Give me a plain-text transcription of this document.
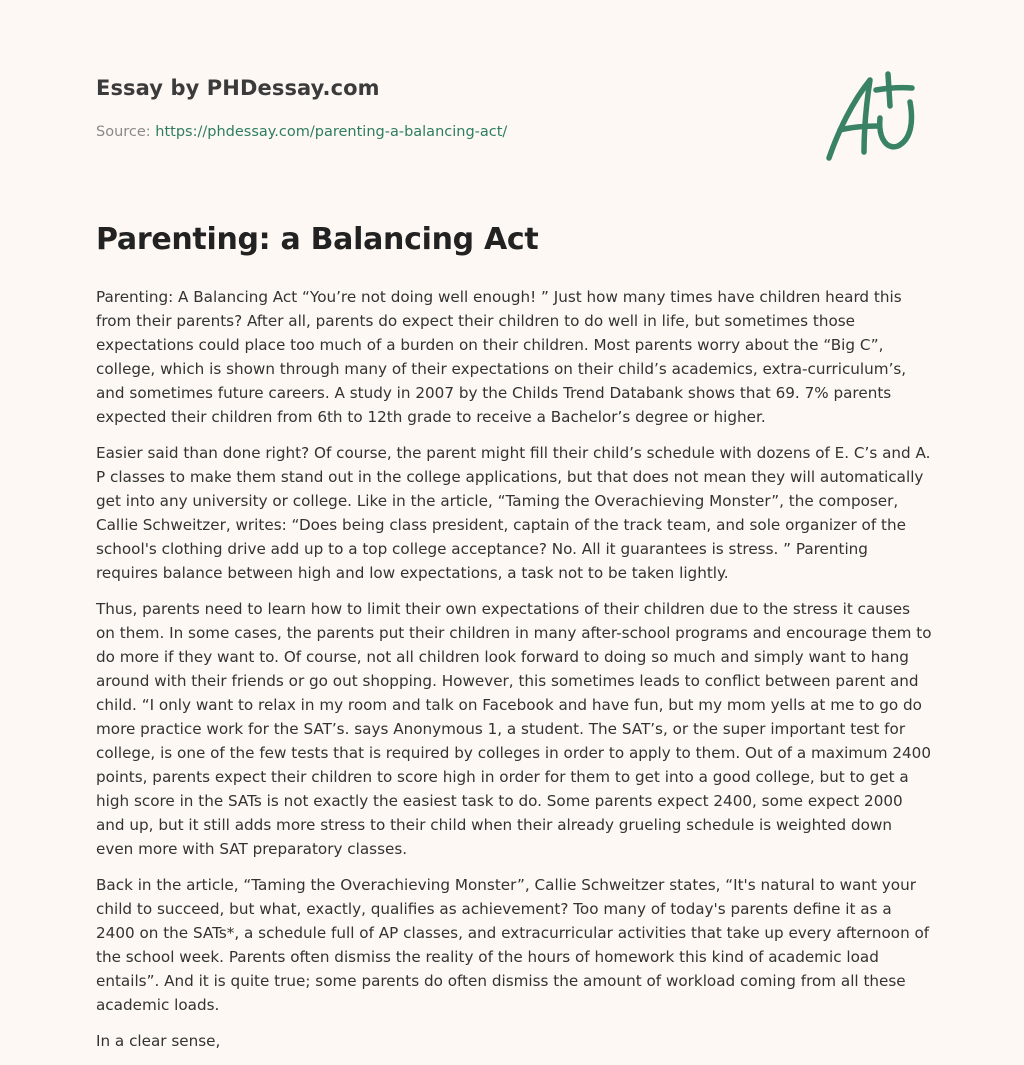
Essay by PHDessay.com
Source: https://phdessay.com/parenting-a-balancing-act/
Parenting: a Balancing Act

Parenting: A Balancing Act “You’re not doing well enough! ” Just how many times have children heard this from their parents? After all, parents do expect their children to do well in life, but sometimes those expectations could place too much of a burden on their children. Most parents worry about the “Big C”, college, which is shown through many of their expectations on their child’s academics, extra-curriculum’s, and sometimes future careers. A study in 2007 by the Childs Trend Databank shows that 69. 7% parents expected their children from 6th to 12th grade to receive a Bachelor’s degree or higher.

Easier said than done right? Of course, the parent might fill their child’s schedule with dozens of E. C’s and A. P classes to make them stand out in the college applications, but that does not mean they will automatically get into any university or college. Like in the article, “Taming the Overachieving Monster”, the composer, Callie Schweitzer, writes: “Does being class president, captain of the track team, and sole organizer of the school's clothing drive add up to a top college acceptance? No. All it guarantees is stress. ” Parenting requires balance between high and low expectations, a task not to be taken lightly.

Thus, parents need to learn how to limit their own expectations of their children due to the stress it causes on them. In some cases, the parents put their children in many after-school programs and encourage them to do more if they want to. Of course, not all children look forward to doing so much and simply want to hang around with their friends or go out shopping. However, this sometimes leads to conflict between parent and child. “I only want to relax in my room and talk on Facebook and have fun, but my mom yells at me to go do more practice work for the SAT’s. says Anonymous 1, a student. The SAT’s, or the super important test for college, is one of the few tests that is required by colleges in order to apply to them. Out of a maximum 2400 points, parents expect their children to score high in order for them to get into a good college, but to get a high score in the SATs is not exactly the easiest task to do. Some parents expect 2400, some expect 2000 and up, but it still adds more stress to their child when their already grueling schedule is weighted down even more with SAT preparatory classes.

Back in the article, “Taming the Overachieving Monster”, Callie Schweitzer states, “It's natural to want your child to succeed, but what, exactly, qualifies as achievement? Too many of today's parents define it as a 2400 on the SATs*, a schedule full of AP classes, and extracurricular activities that take up every afternoon of the school week. Parents often dismiss the reality of the hours of homework this kind of academic load entails”. And it is quite true; some parents do often dismiss the amount of workload coming from all these academic loads.

In a clear sense,
